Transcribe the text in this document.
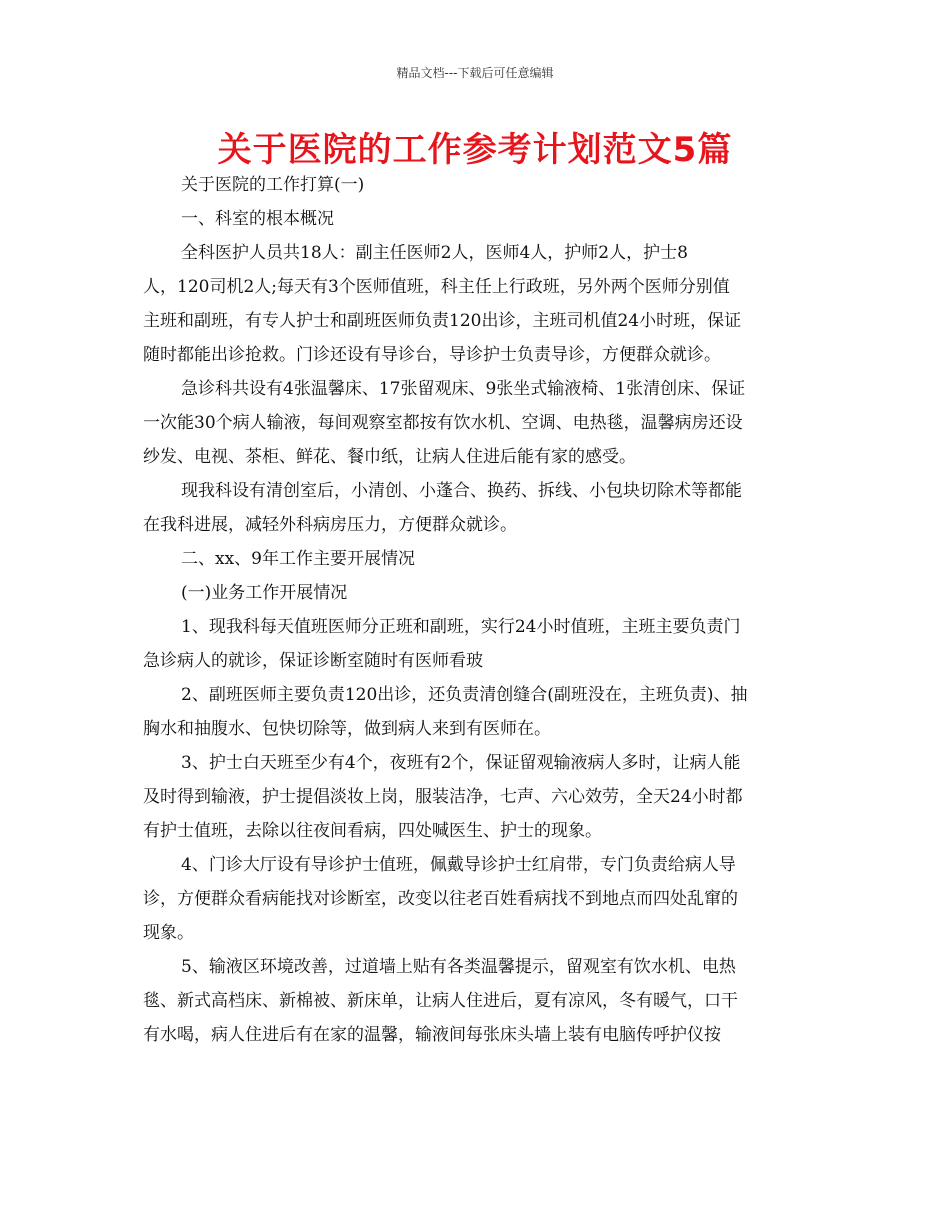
精品文档---下载后可任意编辑
关于医院的工作参考计划范文5篇
关于医院的工作打算(一)
一、科室的根本概况
全科医护人员共18人：副主任医师2人，医师4人，护师2人，护士8
人，120司机2人;每天有3个医师值班，科主任上行政班，另外两个医师分别值
主班和副班，有专人护士和副班医师负责120出诊，主班司机值24小时班，保证
随时都能出诊抢救。门诊还设有导诊台，导诊护士负责导诊，方便群众就诊。
急诊科共设有4张温馨床、17张留观床、9张坐式输液椅、1张清创床、保证
一次能30个病人输液，每间观察室都按有饮水机、空调、电热毯，温馨病房还设
纱发、电视、茶柜、鲜花、餐巾纸，让病人住进后能有家的感受。
现我科设有清创室后，小清创、小蓬合、换药、拆线、小包块切除术等都能
在我科进展，减轻外科病房压力，方便群众就诊。
二、xx、9年工作主要开展情况
(一)业务工作开展情况
1、现我科每天值班医师分正班和副班，实行24小时值班，主班主要负责门
急诊病人的就诊，保证诊断室随时有医师看玻
2、副班医师主要负责120出诊，还负责清创缝合(副班没在，主班负责)、抽
胸水和抽腹水、包快切除等，做到病人来到有医师在。
3、护士白天班至少有4个，夜班有2个，保证留观输液病人多时，让病人能
及时得到输液，护士提倡淡妆上岗，服装洁净，七声、六心效劳，全天24小时都
有护士值班，去除以往夜间看病，四处喊医生、护士的现象。
4、门诊大厅设有导诊护士值班，佩戴导诊护士红肩带，专门负责给病人导
诊，方便群众看病能找对诊断室，改变以往老百姓看病找不到地点而四处乱窜的
现象。
5、输液区环境改善，过道墙上贴有各类温馨提示，留观室有饮水机、电热
毯、新式高档床、新棉被、新床单，让病人住进后，夏有凉风，冬有暖气，口干
有水喝，病人住进后有在家的温馨，输液间每张床头墙上装有电脑传呼护仪按
